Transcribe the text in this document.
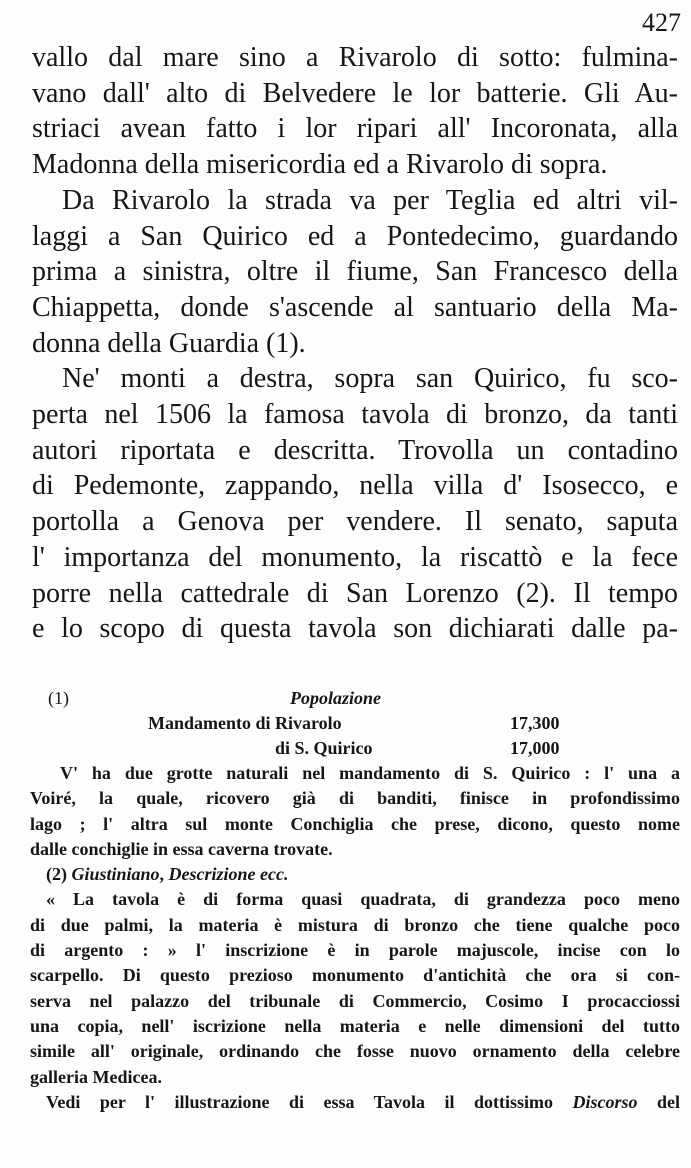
427

vallo dal mare sino a Rivarolo di sotto: fulmina-
vano dall' alto di Belvedere le lor batterie. Gli Au-
striaci avean fatto i lor ripari all' Incoronata, alla
Madonna della misericordia ed a Rivarolo di sopra.

Da Rivarolo la strada va per Teglia ed altri vil-
laggi a San Quirico ed a Pontedecimo, guardando
prima a sinistra, oltre il fiume, San Francesco della
Chiappetta, donde s'ascende al santuario della Ma-
donna della Guardia (1).

Ne' monti a destra, sopra san Quirico, fu sco-
perta nel 1506 la famosa tavola di bronzo, da tanti
autori riportata e descritta. Trovolla un contadino
di Pedemonte, zappando, nella villa d' Isosecco, e
portolla a Genova per vendere. Il senato, saputa
l' importanza del monumento, la riscattò e la fece
porre nella cattedrale di San Lorenzo (2). Il tempo
e lo scopo di questa tavola son dichiarati dalle pa-

(1)	Popolazione
Mandamento di Rivarolo	17,300
di S. Quirico	17,000
V' ha due grotte naturali nel mandamento di S. Quirico : l' una a
Voiré, la quale, ricovero già di banditi, finisce in profondissimo
lago ; l' altra sul monte Conchiglia che prese, dicono, questo nome
dalle conchiglie in essa caverna trovate.
(2) Giustiniano, Descrizione ecc.
« La tavola è di forma quasi quadrata, di grandezza poco meno
di due palmi, la materia è mistura di bronzo che tiene qualche poco
di argento : » l' inscrizione è in parole majuscole, incise con lo
scarpello. Di questo prezioso monumento d'antichità che ora si con-
serva nel palazzo del tribunale di Commercio, Cosimo I procacciossi
una copia, nell' iscrizione nella materia e nelle dimensioni del tutto
simile all' originale, ordinando che fosse nuovo ornamento della celebre
galleria Medicea.
Vedi per l' illustrazione di essa Tavola il dottissimo Discorso del
